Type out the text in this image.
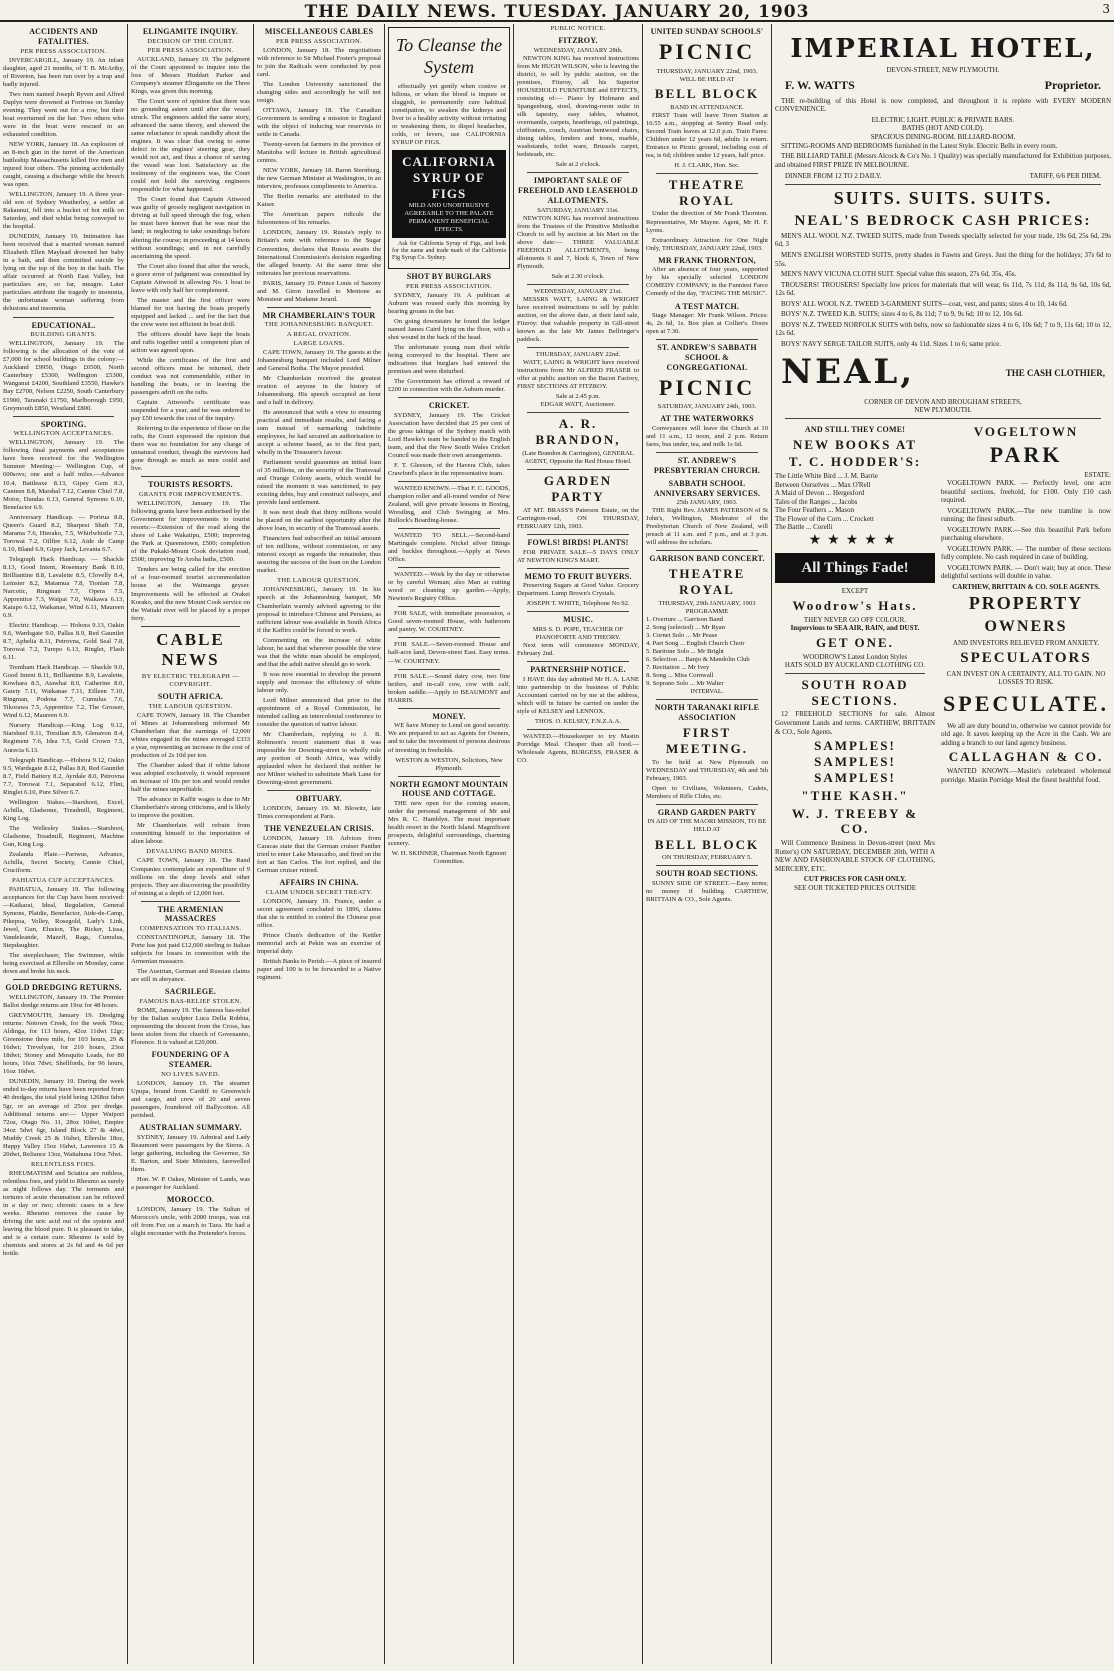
THE DAILY NEWS. TUESDAY. JANUARY 20, 1903	3
ACCIDENTS AND FATALITIES.
PER PRESS ASSOCIATION.

INVERCARGILL, January 19. An infant daughter, aged 21 months, of T. B. McArthy, of Riverton, has been run over by a trap and badly injured.

Two men named Joseph Ryven and Alfred Daplyn were drowned at Fortrose on Sunday evening. They went out for a row, but their boat overturned on the bar. Two others who were in the boat were rescued in an exhausted condition.

NEW YORK, January 18. An explosion of an 8-inch gun in the turret of the American battleship Massachusetts killed five men and injured four others. The pinning accidentally caught, causing a discharge while the breech was open.

WELLINGTON, January 19. A three year-old son of Sydney Weatherley, a settler at Rakaunui, fell into a bucket of hot milk on Saturday, and died whilst being conveyed to the hospital.

DUNEDIN, January 19. Intimation has been received that a married woman named Elizabeth Ellen Maylead drowned her baby in a bath, and then committed suicide by lying on the top of the boy in the bath. The affair occurred at North East Valley, but particulars are, so far, meagre. Later particulars attribute the tragedy to insomnia, the unfortunate woman suffering from delusions and insomnia.

EDUCATIONAL.
BUILDING GRANTS.

WELLINGTON, January 19. The following is the allocation of the vote of £7,000 for school buildings in the colony:— Auckland £9950, Otago £6500, North Canterbury £5300, Wellington £5300, Wanganui £4200, Southland £3550, Hawke's Bay £2700, Nelson £2250, South Canterbury £1900, Taranaki £1750, Marlborough £950, Greymouth £850, Westland £800.

SPORTING.
WELLINGTON ACCEPTANCES.

WELLINGTON, January 19. The following final payments and acceptances have been received for the Wellington Summer Meeting:— Wellington Cup, of 600sovs; one and a half miles.—Advance 10.4, Battleaxe 8.13, Gipsy Gem 8.3, Canteen 8.8, Marshal 7.12, Cannie Chiel 7.8, Motor, Dundas 6.13, General Symons 6.10, Benefactor 6.9.

Anniversary Handicap. — Porirua 8.8, Queen's Guard 8.2, Sharpest Shaft 7.8, Marama 7.6, Hierako, 7.5, Whirlwhistle 7.3, Torowai 7.2, Oilfire 6.12, Aide de Camp 6.10, Bland 6.9, Gipsy Jack, Levanta 6.7.

Telegraph Hack Handicap. — Shackle 8.13, Good Intent, Rosemary Bank 8.10, Brilliantine 8.8, Lavalette 8.5, Clovelly 8.4, Leinster 8.2, Matamua 7.8, Tionian 7.8, Narcotic, Ringman 7.7, Opera 7.5, Apprentice 7.3, Waipai 7.0, Waikawa 6.13, Kaiapo 6.12, Waikanae, Wind 6.11, Maureen 6.9.

Electric Handicap. — Hohora 9.13, Oakin 9.6, Wardsgate 9.0, Pallas 8.9, Red Gauntlet 8.7, Aphelia 8.11, Petrovna, Gold Seal 7.8, Torowai 7.2, Turepo 6.13, Ringlet, Flash 6.11.

Trentham Hack Handicap. — Shackle 9.0, Good Intent 8.11, Brilliantine 8.9, Lavalette, Kowhara 8.5, Atawhai 8.0, Catherine 8.0, Gaiety 7.11, Waikanae 7.11, Eilleen 7.10, Ringman, Podona 7.7, Cumulus 7.6, Tikorawa 7.5, Apprentice 7.2, The Grosser, Wind 6.12, Maureen 6.9.

Nursery Handicap.—King Log 9.12, Starsheel 9.11, Tresilian 8.9, Glenavon 8.4, Regiment 7.6, Idea 7.5, Gold Crown 7.5, Aurecia 6.13.

Telegraph Handicap.—Hohora 9.12, Oakin 9.5, Wardsgate 8.12, Pallas 8.8, Red Gauntlet 8.7, Field Battery 8.2, Ayrdale 8.0, Petrovna 7.7, Torowai 7.1, Separated 6.12, Flint, Ringlet 6.10, Pure Silver 6.7.

Wellington Stakes.—Starshoot, Excel, Achilla, Gladsome, Treadmill, Regiment, King Log.

The Wellesley Stakes.—Starshoot, Gladsome, Treadmill, Regiment, Machine Gun, King Log.

Zealanda Plate.—Pariwus, Advance, Achilla, Secret Society, Cannie Chiel, Cruciform.

PAHIATUA CUP ACCEPTANCES.

PAHIATUA, January 19. The following acceptances for the Cup have been received:—Kaikarai, Ideal, Regulation, General Symons, Plaidie, Benefactor, Aide-de-Camp, Pikepoa, Volley, Rosegold, Lady's Link, Jewel, Gun, Elusion, The Ricker, Lissa, Vandeleande, Mazeff, Rags, Cumulus, Stepdaughter.

The steeplechaser, The Swimmer, while being exercised at Ellerslie on Monday, came down and broke his neck.

GOLD DREDGING RETURNS.

WELLINGTON, January 19. The Premier Ballot dredge returns are 19oz for 48 hours.

GREYMOUTH, January 19. Dredging returns: Notown Creek, for the week 70oz; Aldinga, for 113 hours, 42oz 11dwt 12gr; Greenstone three mile, for 103 hours, 29 & 16dwt; Trevelyan, for 210 hours, 23oz 18dwt; Stoney and Mosquito Leads, for 80 hours, 16oz 7dwt; Shellfords, for 96 hours, 16oz 16dwt.

DUNEDIN, January 19. During the week ended to-day returns have been reported from 40 dredges, the total yield being 1268oz 6dwt 5gr, or an average of 25oz per dredge. Additional returns are:— Upper Waipori 72oz, Otago No. 11, 28oz 10dwt, Empire 34oz 5dwt 6gr, Island Block 27 & 4dwt, Muddy Creek 25 & 16dwt, Ellerslie 18oz, Happy Valley 15oz 16dwt, Lawrence 15 & 20dwt, Reliance 13oz, Waitahuna 10oz 7dwt.

RELENTLESS FOES.

RHEUMATISM and Sciatica are ruthless, relentless foes, and yield to Rheumo as surely as night follows day. The torments and tortures of acute rheumatism can be relieved in a day or two; chronic cases in a few weeks. Rheumo removes the cause by driving the uric acid out of the system and leaving the blood pure. It is pleasant to take, and is a certain cure. Rheumo is sold by chemists and stores at 2s 6d and 4s 6d per bottle.

ELINGAMITE INQUIRY.
DECISION OF THE COURT.
PER PRESS ASSOCIATION.

AUCKLAND, January 19. The judgment of the Court appointed to inquire into the loss of Messrs Huddart Parker and Company's steamer Elingamite on the Three Kings, was given this morning.

The Court were of opinion that there was no grounding astern until after the vessel struck. The engineers added the same story, advanced the same theory, and showed the same reluctance to speak candidly about the engines. It was clear that owing to some defect in the engines' steering gear, they would not act, and thus a chance of saving the vessel was lost. Satisfactory as the testimony of the engineers was, the Court could not hold the surviving engineers responsible for what happened.

The Court found that Captain Attwood was guilty of grossly negligent navigation in driving at full speed through the fog, when he must have known that he was near the land; in neglecting to take soundings before altering the course; in proceeding at 14 knots without soundings; and in not carefully ascertaining the speed.

The Court also found that after the wreck, a grave error of judgment was committed by Captain Attwood in allowing No. 1 boat to leave with only half her complement.

The master and the first officer were blamed for not having the boats properly equipped and lacked ... and for the fact that the crew were not efficient in boat drill.

The officers should have kept the boats and rafts together until a competent plan of action was agreed upon.

While the certificates of the first and second officers must be returned, their conduct was not commendable, either in handling the boats, or in leaving the passengers adrift on the rafts.

Captain Attwood's certificate was suspended for a year, and he was ordered to pay £50 towards the cost of the inquiry.

Referring to the experience of those on the rafts, the Court expressed the opinion that there was no foundation for any charge of unnatural conduct, though the survivors had gone through as much as men could and live.

TOURISTS RESORTS.
GRANTS FOR IMPROVEMENTS.

WELLINGTON, January 19. The following grants have been authorised by the Government for improvements to tourist resorts:—Extension of the road along the shore of Lake Wakatipu, £500; improving the Park at Queenstown, £500; completion of the Pukaki-Mount Cook deviation road, £500; improving Te Aroha baths, £500.

Tenders are being called for the erection of a four-roomed tourist accommodation house at the Waimangu geyser. Improvements will be effected at Orakei Korako, and the new Mount Cook service on the Waitaki river will be placed by a proper ferry.

CABLE NEWS
BY ELECTRIC TELEGRAPH — COPYRIGHT.
SOUTH AFRICA.
THE LABOUR QUESTION.

CAPE TOWN, January 18. The Chamber of Mines at Johannesburg informed Mr Chamberlain that the earnings of 12,000 whites engaged in the mines averaged £333 a year, representing an increase in the cost of production of 2s 10d per ton.

The Chamber asked that if white labour was adopted exclusively, it would represent an increase of 10s per ton and would render half the mines unprofitable.

The advance in Kaffir wages is due to Mr Chamberlain's strong criticisms, and is likely to improve the position.

Mr Chamberlain will refrain from committing himself to the importation of alien labour.

DEVALUING BAND MINES.

CAPE TOWN, January 18. The Rand Companies contemplate an expenditure of 9 millions on the deep levels and other projects. They are discovering the possibility of mining at a depth of 12,000 feet.

THE ARMENIAN MASSACRES
COMPENSATION TO ITALIANS.

CONSTANTINOPLE, January 18. The Porte has just paid £12,000 sterling to Italian subjects for losses in connection with the Armenian massacre.

The Austrian, German and Russian claims are still in abeyance.

SACRILEGE.
FAMOUS BAS-RELIEF STOLEN.

ROME, January 19. The famous bas-relief by the Italian sculptor Luca Della Robbia, representing the descent from the Cross, has been stolen from the church of Govenanno, Florence. It is valued at £20,000.

FOUNDERING OF A STEAMER.
NO LIVES SAVED.

LONDON, January 19. The steamer Upupa, bound from Cardiff to Greenwich and cargo, and crew of 20 and seven passengers, foundered off Ballycotton. All perished.

AUSTRALIAN SUMMARY.

SYDNEY, January 19. Admiral and Lady Beaumont were passengers by the Sierra. A large gathering, including the Governor, Sir E. Barton, and State Ministers, farewelled them.

Hon. W. P. Oakes, Minister of Lands, was a passenger for Auckland.

MOROCCO.

LONDON, January 19. The Sultan of Morocco's uncle, with 2000 troops, was cut off from Fez on a march to Taza. He had a slight encounter with the Pretender's forces.

MISCELLANEOUS CABLES
PER PRESS ASSOCIATION.

LONDON, January 18. The negotiations with reference to Sir Michael Foster's proposal to join the Radicals were conducted by post card.

The London University sanctioned the changing sides and accordingly he will not resign.

OTTAWA, January 18. The Canadian Government is sending a mission to England with the object of inducing war reservists to settle in Canada.

Twenty-seven fat farmers in the province of Manitoba will lecture in British agricultural centres.

NEW YORK, January 18. Baron Sternburg, the new German Minister at Washington, in an interview, professes compliments to America.

The Berlin remarks are attributed to the Kaiser.

The American papers ridicule the fulsomeness of his remarks.

LONDON, January 19. Russia's reply to Britain's note with reference to the Sugar Convention, declares that Russia awaits the International Commission's decision regarding the alleged bounty. At the same time she reiterates her previous reservations.

PARIS, January 19. Prince Louis of Saxony and M. Giron travelled to Mentone as Monsieur and Madame Jerard.

MR CHAMBERLAIN'S TOUR
THE JOHANNESBURG BANQUET.
A REGAL OVATION.
LARGE LOANS.

CAPE TOWN, January 19. The guests at the Johannesburg banquet included Lord Milner and General Botha. The Mayor presided.

Mr Chamberlain received the greatest ovation of anyone in the history of Johannesburg. His speech occupied an hour and a half in delivery.

He announced that with a view to ensuring practical and immediate results, and facing a sum instead of earmarking indefinite employees, he had secured an authorisation to accept a scheme based, as to the first part, wholly in the Treasurer's favour.

Parliament would guarantee an initial loan of 35 millions, on the security of the Transvaal and Orange Colony assets, which would be raised the moment it was sanctioned, to pay existing debts, buy and construct railways, and provide land settlement.

It was next dealt that thirty millions would be placed on the earliest opportunity after the above loan, in security of the Transvaal assets.

Financiers had subscribed an initial amount of ten millions, without commission, or any interest except as regards the remainder, thus assuring the success of the loan on the London market.

THE LABOUR QUESTION.

JOHANNESBURG, January 19. In his speech at the Johannesburg banquet, Mr Chamberlain warmly advised agreeing to the proposal to introduce Chinese and Persians, as sufficient labour was available in South Africa if the Kaffirs could be forced to work.

Commenting on the increase of white labour, he said that wherever possible the view was that the white man should be employed, and that the adult native should go to work.

It was now essential to develop the present supply and increase the efficiency of white labour only.

Lord Milner announced that prior to the appointment of a Royal Commission, he intended calling an intercolonial conference to consider the question of native labour.

Mr Chamberlain, replying to J. B. Robinson's recent statement that it was impossible for Downing-street to wholly rule any portion of South Africa, was wildly applauded when he declared that neither he nor Milner wished to substitute Mark Lane for Downing-street government.

OBITUARY.

LONDON, January 19. M. Blowitz, late Times correspondent at Paris.

THE VENEZUELAN CRISIS.

LONDON, January 19. Advices from Caracas state that the German cruiser Panther tried to enter Lake Maracaibo, and fired on the fort at San Carlos. The fort replied, and the German cruiser retired.

AFFAIRS IN CHINA.
CLAIM UNDER SECRET TREATY.

LONDON, January 19. France, under a secret agreement concluded in 1896, claims that she is entitled to control the Chinese post office.

Prince Chun's dedication of the Kettler memorial arch at Pekin was an exercise of imperial duty.

British Banks to Perish.—A piece of insured paper and 100 is to be forwarded to a Native regiment.

To Cleanse the System

effectually yet gently when costive or bilious, or when the blood is impure or sluggish, to permanently cure habitual constipation, to awaken the kidneys and liver to a healthy activity without irritating or weakening them, to dispel headaches, colds, or fevers, use CALIFORNIA SYRUP OF FIGS.

CALIFORNIA SYRUP OF FIGS
MILD AND UNOBTRUSIVE
AGREEABLE TO THE PALATE
PERMANENT BENEFICIAL EFFECTS.

Ask for California Syrup of Figs, and look for the name and trade mark of the California Fig Syrup Co. Sydney.

SHOT BY BURGLARS
PER PRESS ASSOCIATION.

SYDNEY, January 19. A publican at Auburn was roused early this morning by hearing groans in the bar.

On going downstairs he found the lodger named James Caird lying on the floor, with a shot wound in the back of the head.

The unfortunate young man died while being conveyed to the hospital. There are indications that burglars had entered the premises and were disturbed.

The Government has offered a reward of £200 in connection with the Auburn murder.

CRICKET.

SYDNEY, January 19. The Cricket Association have decided that 25 per cent of the gross takings of the Sydney match with Lord Hawke's team be handed to the English team, and that the New South Wales Cricket Council was made their own arrangements.

F. T. Gleeson, of the Havera Club, takes Crawford's place in the representative team.

WANTED KNOWN.—That F. C. GOODS, champion roller and all-round vendor of New Zealand, will give private lessons in Boxing, Wrestling, and Club Swinging at Mrs. Bullock's Boarding-house.

WANTED TO SELL.—Second-hand Martingale complete. Nickel silver fittings and buckles throughout.—Apply at News Office.

WANTED.—Work by the day or otherwise or by careful Woman; also Man at cutting wood or cleaning up garden.—Apply, Newton's Registry Office.

FOR SALE, with immediate possession, a Good seven-roomed House, with bathroom and pantry. W. COURTNEY.

FOR SALE.—Seven-roomed House and half-acre land, Devon-street East. Easy terms.—W. COURTNEY.

FOR SALE.—Sound dairy cow, two fine heifers, and in-calf cow, cow with calf, broken saddle.—Apply to BEAUMONT and HARRIS.

MONEY.

WE have Money to Lend on good security. We are prepared to act as Agents for Owners, and to take the investment of persons desirous of investing in freeholds.

WESTON & WESTON, Solicitors, New Plymouth.
NORTH EGMONT MOUNTAIN HOUSE AND COTTAGE.

THE new open for the coming season, under the personal management of Mr and Mrs R. C. Hamblyn. The most important health resort in the North Island. Magnificent prospects, delightful surroundings, charming scenery.

W. H. SKINNER, Chairman North Egmont Committee.
PUBLIC NOTICE.
FITZROY.
WEDNESDAY, JANUARY 28th.

NEWTON KING has received instructions from Mr HUGH WILSON, who is leaving the district, to sell by public auction, on the premises, Fitzroy, all his Superior HOUSEHOLD FURNITURE and EFFECTS, consisting of:— Piano by Hofmann and Spangenburg, stool, drawing-room suite in silk tapestry, easy tables, whatnot, overmantle, carpets, hearthrugs, oil paintings, chiffoniers, couch, Austrian bentwood chairs, dining tables, fenders and irons, marble, washstands, toilet ware, Brussels carpet, bedsteads, etc.

Sale at 2 o'clock.
IMPORTANT SALE OF FREEHOLD AND LEASEHOLD ALLOTMENTS.
SATURDAY, JANUARY 31st.

NEWTON KING has received instructions from the Trustees of the Primitive Methodist Church to sell by auction at his Mart on the above date:— THREE VALUABLE FREEHOLD ALLOTMENTS, being allotments 6 and 7, block 6, Town of New Plymouth.

Sale at 2.30 o'clock.
WEDNESDAY, JANUARY 21st.

MESSRS WATT, LAING & WRIGHT have received instructions to sell by public auction, on the above date, at their land sale, Fitzroy: that valuable property in Gill-street known as the late Mr James Bellringer's paddock.

THURSDAY, JANUARY 22nd.

WATT, LAING & WRIGHT have received instructions from Mr ALFRED FRASER to offer at public auction on the Bacon Factory, FIRST SECTIONS AT FITZROY.

Sale at 2.45 p.m.
EDGAR WATT, Auctioneer.
A. R. BRANDON,
(Late Brandon & Carrington), GENERAL AGENT, Opposite the Red House Hotel.
GARDEN PARTY

AT MT. BRASS'S Paterson Estate, on the Carrington-road, ON THURSDAY, FEBRUARY 12th, 1903.

FOWLS! BIRDS! PLANTS!

FOR PRIVATE SALE—5 DAYS ONLY AT NEWTON KING'S MART.

MEMO TO FRUIT BUYERS.

Preserving Sugars at Good Value. Grocery Department. Lump Brown's Crystals.

JOSEPH T. WHITE, Telephone No 92.
MUSIC.
MRS S. D. POPE, TEACHER OF PIANOFORTE AND THEORY.

Next term will commence MONDAY, February 2nd.

PARTNERSHIP NOTICE.

I HAVE this day admitted Mr H. A. LANE into partnership in the business of Public Accountant carried on by me at the address, which will in future be carried on under the style of KELSEY and LENNOX.

THOS. O. KELSEY, F.N.Z.A.A.

WANTED.—Housekeeper to try Mastin Porridge Meal. Cheaper than all food.—Wholesale Agents, BURGESS, FRASER & CO.

UNITED SUNDAY SCHOOLS'
PICNIC
THURSDAY, JANUARY 22nd, 1903.
WILL BE HELD AT
BELL BLOCK
BAND IN ATTENDANCE.

FIRST Train will leave Town Station at 10.55 a.m., stopping at Sentry Road only. Second Train leaves at 12.0 p.m. Train Fares: Children under 12 years 6d, adults 1s return. Entrance to Picnic ground, including cost of tea, is 6d; children under 12 years, half price.

H. J. CLARK, Hon. Sec.
THEATRE ROYAL

Under the direction of Mr Frank Thornton. Representative, Mr Mayne. Agent, Mr H. F. Lyons.

Extraordinary Attraction for One Night Only, THURSDAY, JANUARY 22nd, 1903.

MR FRANK THORNTON,

After an absence of four years, supported by his specially selected LONDON COMEDY COMPANY, in the Funniest Farce Comedy of the day, "FACING THE MUSIC".

A TEST MATCH.

Stage Manager: Mr Frank Wilson. Prices: 4s, 2s 6d, 1s. Box plan at Collier's. Doors open at 7.30.

ST. ANDREW'S SABBATH SCHOOL & CONGREGATIONAL
PICNIC
SATURDAY, JANUARY 24th, 1903.
AT THE WATERWORKS

Conveyances will leave the Church at 10 and 11 a.m., 12 noon, and 2 p.m. Return fares, bus under, tea, and milk 1s 6d.

ST. ANDREW'S PRESBYTERIAN CHURCH.
SABBATH SCHOOL ANNIVERSARY SERVICES.
25th JANUARY, 1903.

THE Right Rev. JAMES PATERSON of St John's, Wellington, Moderator of the Presbyterian Church of New Zealand, will preach at 11 a.m. and 7 p.m., and at 3 p.m. will address the scholars.

GARRISON BAND CONCERT.
THEATRE ROYAL
THURSDAY, 29th JANUARY, 1903
PROGRAMME
1. Overture ... Garrison Band
2. Song (selected) ... Mr Ryan
3. Cornet Solo ... Mr Pease
4. Part Song ... English Church Choir
5. Baritone Solo ... Mr Bright
6. Selection ... Banjo & Mandolin Club
7. Recitation ... Mr Ivey
8. Song ... Miss Cornwall
9. Soprano Solo ... Mr Walter
INTERVAL.
NORTH TARANAKI RIFLE ASSOCIATION
FIRST MEETING.

To be held at New Plymouth on WEDNESDAY and THURSDAY, 4th and 5th February, 1903.

Open to Civilians, Volunteers, Cadets, Members of Rifle Clubs, etc.

GRAND GARDEN PARTY
IN AID OF THE MAORI MISSION, TO BE HELD AT
BELL BLOCK
ON THURSDAY, FEBRUARY 5.
SOUTH ROAD SECTIONS.

SUNNY SIDE OF STREET.—Easy terms; no money if building. CARTHEW, BRITTAIN & CO., Sole Agents.

IMPERIAL HOTEL,
DEVON-STREET, NEW PLYMOUTH.
F. W. WATTS	Proprietor.

THE re-building of this Hotel is now completed, and throughout it is replete with EVERY MODERN CONVENIENCE.

ELECTRIC LIGHT. PUBLIC & PRIVATE BARS.
BATHS (HOT AND COLD).
SPACIOUS DINING-ROOM. BILLIARD-ROOM.

SITTING-ROOMS AND BEDROOMS furnished in the Latest Style. Electric Bells in every room.

THE BILLIARD TABLE (Messrs Alcock & Co's No. 1 Quality) was specially manufactured for Exhibition purposes, and obtained FIRST PRIZE IN MELBOURNE.

DINNER FROM 12 TO 2 DAILY.	TARIFF, 6/6 PER DIEM.
SUITS. SUITS. SUITS.
NEAL'S BEDROCK CASH PRICES:

MEN'S ALL WOOL N.Z. TWEED SUITS, made from Tweeds specially selected for your trade, 19s 6d, 25s 6d, 29s 6d, 3

MEN'S ENGLISH WORSTED SUITS, pretty shades in Fawns and Greys. Just the thing for the holidays; 37s 6d to 55s.

MEN'S NAVY VICUNA CLOTH SUIT. Special value this season, 27s 6d, 35s, 45s.

TROUSERS! TROUSERS! Specially low prices for materials that will wear, 6s 11d, 7s 11d, 8s 11d, 9s 6d, 10s 6d, 12s 6d.

BOYS' ALL WOOL N.Z. TWEED 3-GARMENT SUITS—coat, vest, and pants; sizes 4 to 10, 14s 6d.

BOYS' N.Z. TWEED K.B. SUITS; sizes 4 to 6, 8s 11d; 7 to 9, 9s 6d; 10 to 12, 10s 6d.

BOYS' N.Z. TWEED NORFOLK SUITS with belts, now so fashionable sizes 4 to 6, 10s 6d; 7 to 9, 11s 6d; 10 to 12, 12s 6d.

BOYS' NAVY SERGE TAILOR SUITS, only 4s 11d. Sizes 1 to 6; same price.

NEAL,	THE CASH CLOTHIER,
CORNER OF DEVON AND BROUGHAM STREETS,
NEW PLYMOUTH.
AND STILL THEY COME!
NEW BOOKS AT
T. C. HODDER'S:
The Little White Bird ... J. M. Barrie
Between Ourselves ... Max O'Rell
A Maid of Devon ... Hergesford
Tales of the Ranges ... Jacobs
The Four Feathers ... Mason
The Flower of the Corn ... Crockett
The Battle ... Corelli
★★★★★
All Things Fade!
EXCEPT
Woodrow's Hats.
THEY NEVER GO OFF COLOUR.
Impervious to SEA AIR, RAIN, and DUST.
GET ONE.
WOODROW'S Latest London Styles
HATS SOLD BY AUCKLAND CLOTHING CO.
SOUTH ROAD SECTIONS.

12 FREEHOLD SECTIONS for sale. Almost Government Lands and terms. CARTHEW, BRITTAIN & CO., Sole Agents.

SAMPLES! SAMPLES! SAMPLES!
"THE KASH."
W. J. TREEBY & CO.

Will Commence Business in Devon-street (next Mrs Rutter's) ON SATURDAY, DECEMBER 20th, WITH A NEW AND FASHIONABLE STOCK OF CLOTHING, MERCERY, ETC.

CUT PRICES FOR CASH ONLY.
SEE OUR TICKETED PRICES OUTSIDE
VOGELTOWN
PARK
ESTATE:

VOGELTOWN PARK. — Perfectly level, one acre beautiful sections, freehold, for £100. Only £10 cash required.

VOGELTOWN PARK.—The new tramline is now running; the finest suburb.

VOGELTOWN PARK.—See this beautiful Park before purchasing elsewhere.

VOGELTOWN PARK. — The number of these sections fully complete. No cash required in case of building.

VOGELTOWN PARK. — Don't wait; buy at once. These delightful sections will double in value.

CARTHEW, BRITTAIN & CO. SOLE AGENTS.
PROPERTY
OWNERS
AND INVESTORS RELIEVED FROM ANXIETY.
SPECULATORS
CAN INVEST ON A CERTAINTY, ALL TO GAIN. NO LOSSES TO RISK.
SPECULATE.

We all are duty bound to, otherwise we cannot provide for old age. It saves keeping up the Acre in the Cash. We are adding a branch to our land agency business.

CALLAGHAN & CO.

WANTED KNOWN.—Maslin's celebrated wholemeal porridge. Mastin Porridge Meal the finest healthful food.
